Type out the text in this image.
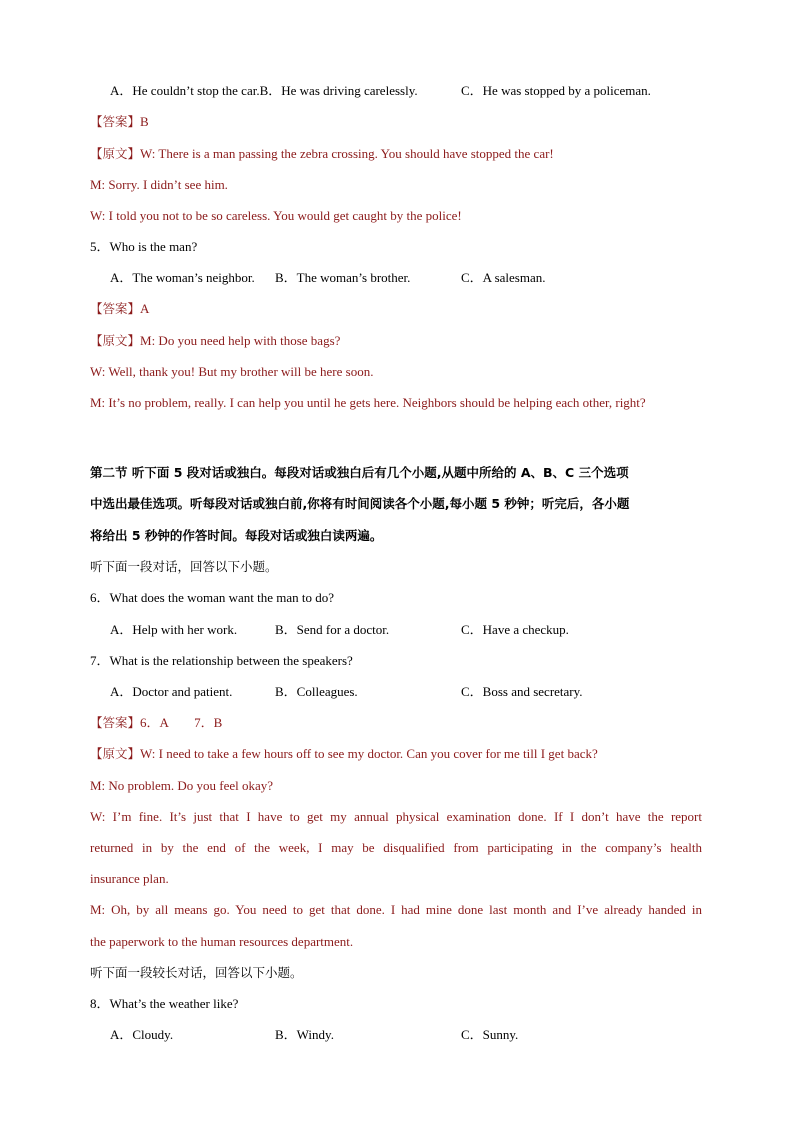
A．He couldn’t stop the car.B．He was driving carelessly.	C．He was stopped by a policeman.
【答案】B
【原文】W: There is a man passing the zebra crossing. You should have stopped the car!
M: Sorry. I didn’t see him.
W: I told you not to be so careless. You would get caught by the police!
5．Who is the man?
A．The woman’s neighbor. B．The woman’s brother.	C．A salesman.
【答案】A
【原文】M: Do you need help with those bags?
W: Well, thank you! But my brother will be here soon.
M: It’s no problem, really. I can help you until he gets here. Neighbors should be helping each other, right?
第二节 听下面 5 段对话或独白。每段对话或独白后有几个小题,从题中所给的 A、B、C 三个选项
中选出最佳选项。听每段对话或独白前,你将有时间阅读各个小题,每小题 5 秒钟；听完后，各小题
将给出 5 秒钟的作答时间。每段对话或独白读两遍。
听下面一段对话，回答以下小题。
6．What does the woman want the man to do?
A．Help with her work.	B．Send for a doctor.	C．Have a checkup.
7．What is the relationship between the speakers?
A．Doctor and patient.	B．Colleagues.	C．Boss and secretary.
【答案】6．A　　7．B
【原文】W: I need to take a few hours off to see my doctor. Can you cover for me till I get back?
M: No problem. Do you feel okay?
W: I’m fine. It’s just that I have to get my annual physical examination done. If I don’t have the report
returned in by the end of the week, I may be disqualified from participating in the company’s health
insurance plan.
M: Oh, by all means go. You need to get that done. I had mine done last month and I’ve already handed in
the paperwork to the human resources department.
听下面一段较长对话，回答以下小题。
8．What’s the weather like?
A．Cloudy.	B．Windy.	C．Sunny.
